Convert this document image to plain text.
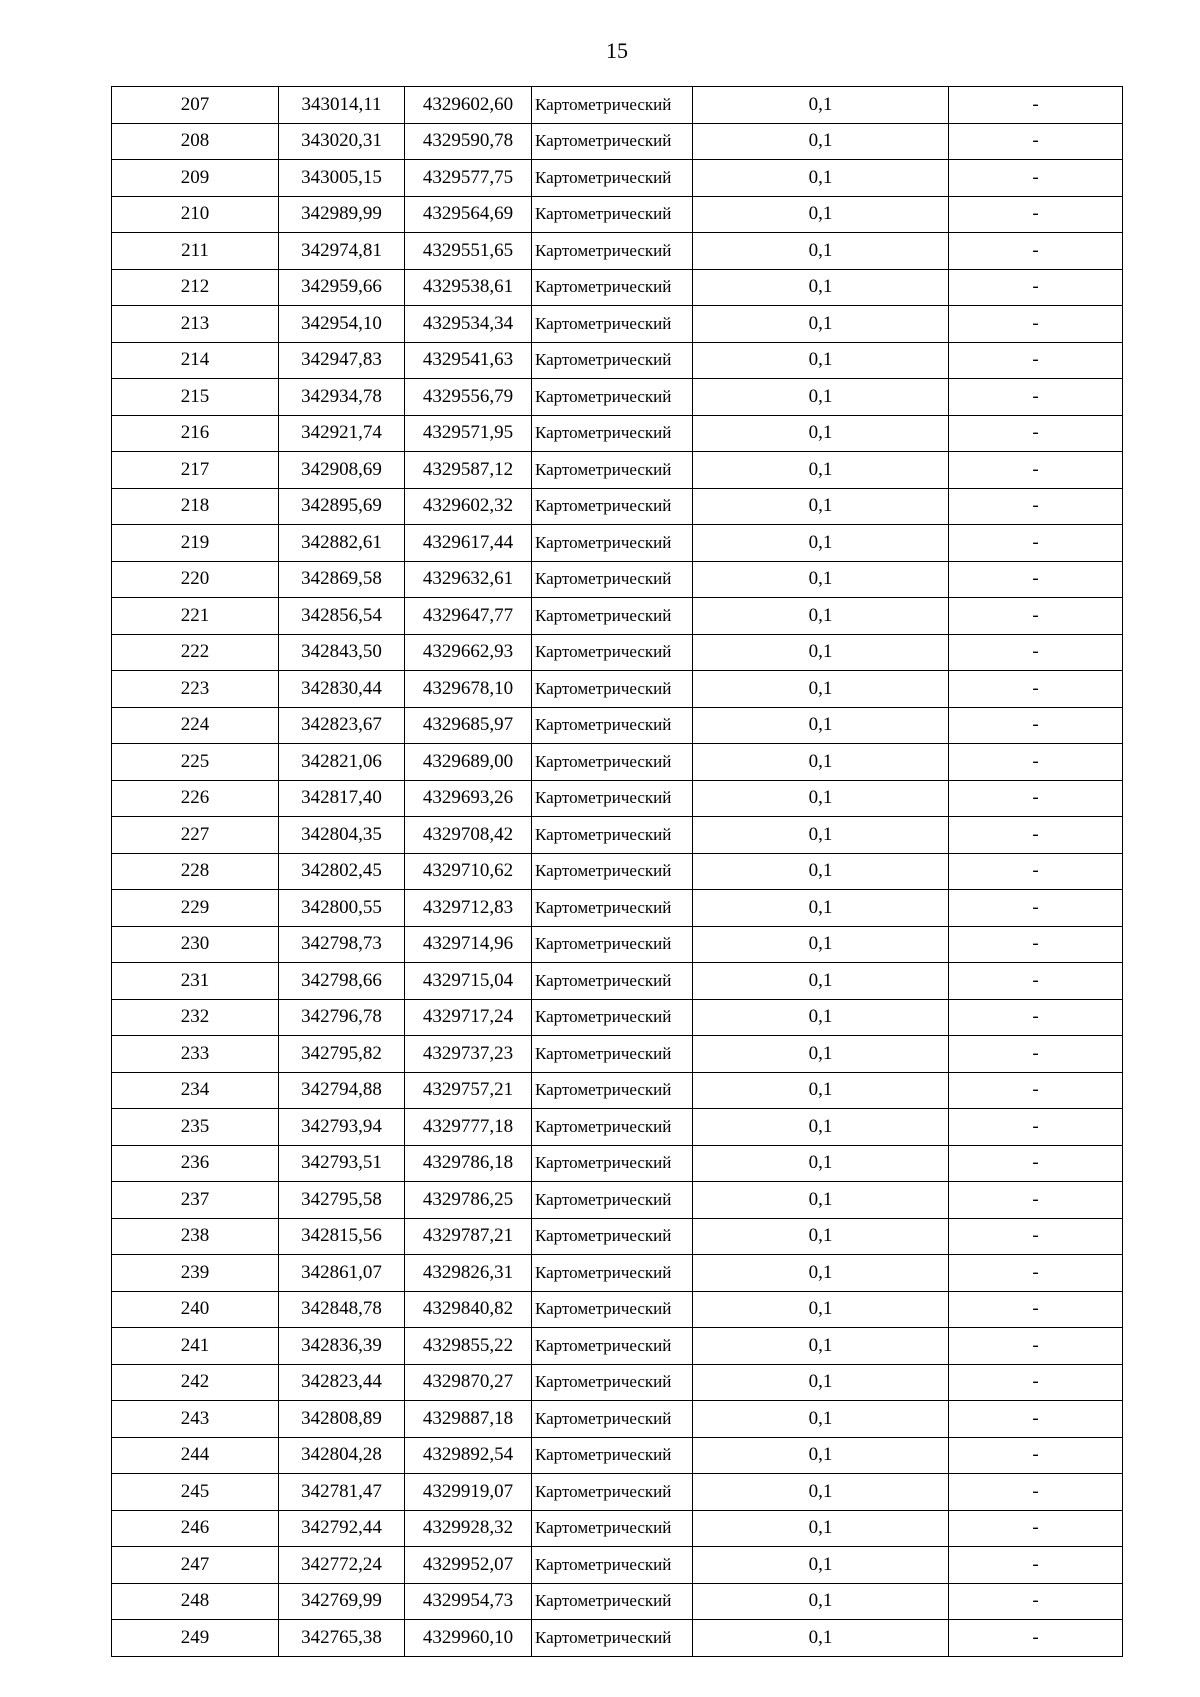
15
207	343014,11	4329602,60	Картометрический	0,1	-
208	343020,31	4329590,78	Картометрический	0,1	-
209	343005,15	4329577,75	Картометрический	0,1	-
210	342989,99	4329564,69	Картометрический	0,1	-
211	342974,81	4329551,65	Картометрический	0,1	-
212	342959,66	4329538,61	Картометрический	0,1	-
213	342954,10	4329534,34	Картометрический	0,1	-
214	342947,83	4329541,63	Картометрический	0,1	-
215	342934,78	4329556,79	Картометрический	0,1	-
216	342921,74	4329571,95	Картометрический	0,1	-
217	342908,69	4329587,12	Картометрический	0,1	-
218	342895,69	4329602,32	Картометрический	0,1	-
219	342882,61	4329617,44	Картометрический	0,1	-
220	342869,58	4329632,61	Картометрический	0,1	-
221	342856,54	4329647,77	Картометрический	0,1	-
222	342843,50	4329662,93	Картометрический	0,1	-
223	342830,44	4329678,10	Картометрический	0,1	-
224	342823,67	4329685,97	Картометрический	0,1	-
225	342821,06	4329689,00	Картометрический	0,1	-
226	342817,40	4329693,26	Картометрический	0,1	-
227	342804,35	4329708,42	Картометрический	0,1	-
228	342802,45	4329710,62	Картометрический	0,1	-
229	342800,55	4329712,83	Картометрический	0,1	-
230	342798,73	4329714,96	Картометрический	0,1	-
231	342798,66	4329715,04	Картометрический	0,1	-
232	342796,78	4329717,24	Картометрический	0,1	-
233	342795,82	4329737,23	Картометрический	0,1	-
234	342794,88	4329757,21	Картометрический	0,1	-
235	342793,94	4329777,18	Картометрический	0,1	-
236	342793,51	4329786,18	Картометрический	0,1	-
237	342795,58	4329786,25	Картометрический	0,1	-
238	342815,56	4329787,21	Картометрический	0,1	-
239	342861,07	4329826,31	Картометрический	0,1	-
240	342848,78	4329840,82	Картометрический	0,1	-
241	342836,39	4329855,22	Картометрический	0,1	-
242	342823,44	4329870,27	Картометрический	0,1	-
243	342808,89	4329887,18	Картометрический	0,1	-
244	342804,28	4329892,54	Картометрический	0,1	-
245	342781,47	4329919,07	Картометрический	0,1	-
246	342792,44	4329928,32	Картометрический	0,1	-
247	342772,24	4329952,07	Картометрический	0,1	-
248	342769,99	4329954,73	Картометрический	0,1	-
249	342765,38	4329960,10	Картометрический	0,1	-
